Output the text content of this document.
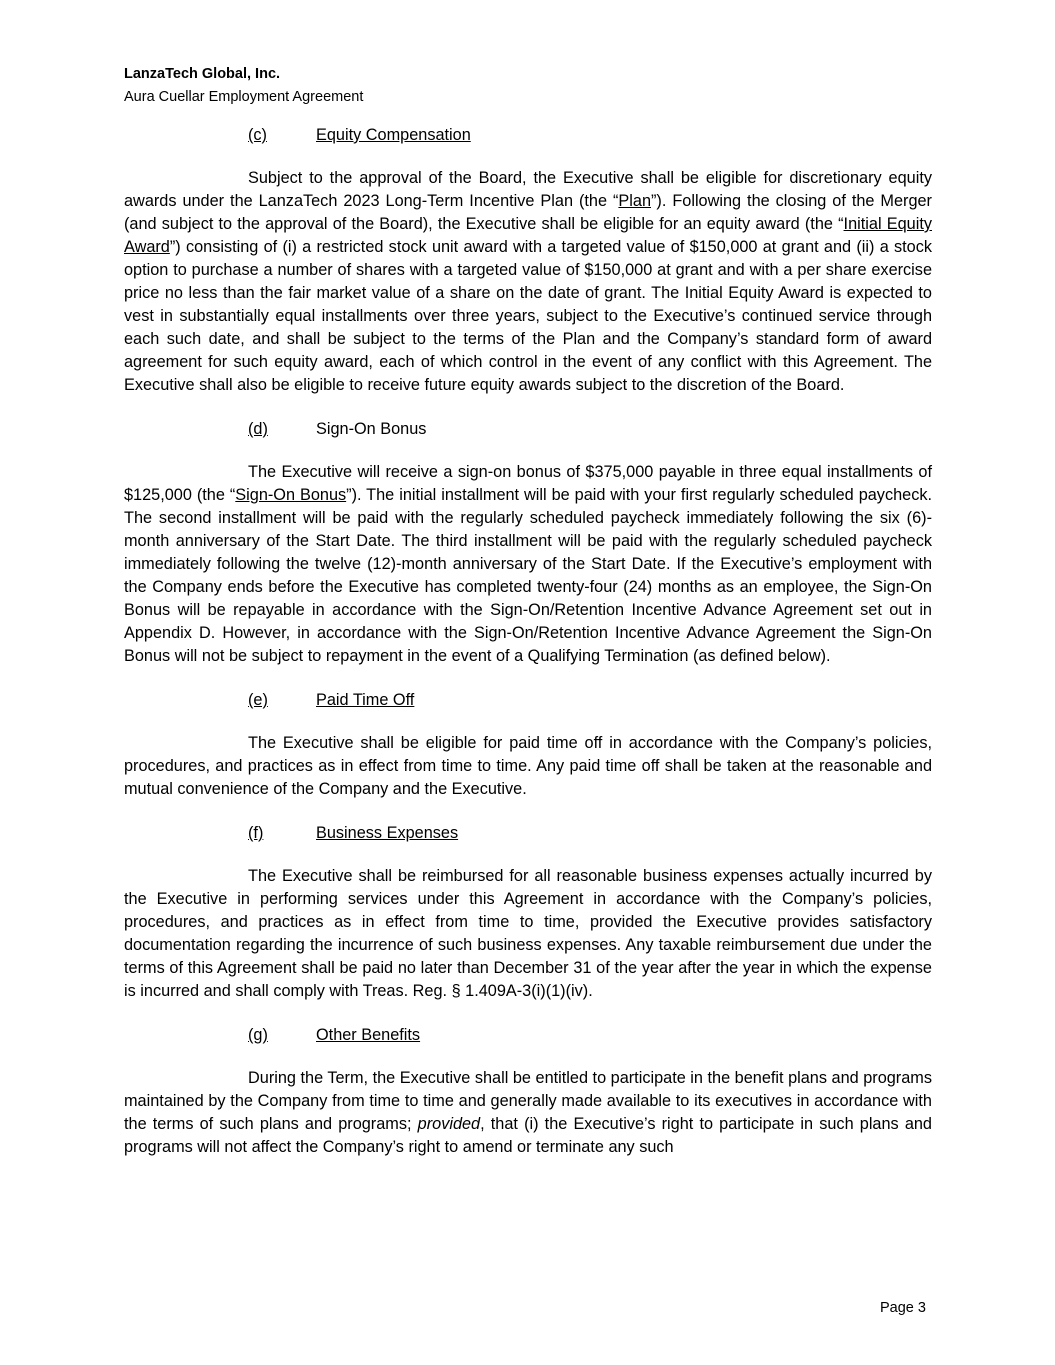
LanzaTech Global, Inc.
Aura Cuellar Employment Agreement

(c)	Equity Compensation

Subject to the approval of the Board, the Executive shall be eligible for discretionary equity awards under the LanzaTech 2023 Long-Term Incentive Plan (the “Plan”). Following the closing of the Merger (and subject to the approval of the Board), the Executive shall be eligible for an equity award (the “Initial Equity Award”) consisting of (i) a restricted stock unit award with a targeted value of $150,000 at grant and (ii) a stock option to purchase a number of shares with a targeted value of $150,000 at grant and with a per share exercise price no less than the fair market value of a share on the date of grant. The Initial Equity Award is expected to vest in substantially equal installments over three years, subject to the Executive’s continued service through each such date, and shall be subject to the terms of the Plan and the Company’s standard form of award agreement for such equity award, each of which control in the event of any conflict with this Agreement. The Executive shall also be eligible to receive future equity awards subject to the discretion of the Board.

(d)	Sign-On Bonus

The Executive will receive a sign-on bonus of $375,000 payable in three equal installments of $125,000 (the “Sign-On Bonus”). The initial installment will be paid with your first regularly scheduled paycheck. The second installment will be paid with the regularly scheduled paycheck immediately following the six (6)-month anniversary of the Start Date. The third installment will be paid with the regularly scheduled paycheck immediately following the twelve (12)-month anniversary of the Start Date. If the Executive’s employment with the Company ends before the Executive has completed twenty-four (24) months as an employee, the Sign-On Bonus will be repayable in accordance with the Sign-On/Retention Incentive Advance Agreement set out in Appendix D. However, in accordance with the Sign-On/Retention Incentive Advance Agreement the Sign-On Bonus will not be subject to repayment in the event of a Qualifying Termination (as defined below).

(e)	Paid Time Off

The Executive shall be eligible for paid time off in accordance with the Company’s policies, procedures, and practices as in effect from time to time. Any paid time off shall be taken at the reasonable and mutual convenience of the Company and the Executive.

(f)	Business Expenses

The Executive shall be reimbursed for all reasonable business expenses actually incurred by the Executive in performing services under this Agreement in accordance with the Company’s policies, procedures, and practices as in effect from time to time, provided the Executive provides satisfactory documentation regarding the incurrence of such business expenses. Any taxable reimbursement due under the terms of this Agreement shall be paid no later than December 31 of the year after the year in which the expense is incurred and shall comply with Treas. Reg. § 1.409A-3(i)(1)(iv).

(g)	Other Benefits

During the Term, the Executive shall be entitled to participate in the benefit plans and programs maintained by the Company from time to time and generally made available to its executives in accordance with the terms of such plans and programs; provided, that (i) the Executive’s right to participate in such plans and programs will not affect the Company’s right to amend or terminate any such

Page 3
